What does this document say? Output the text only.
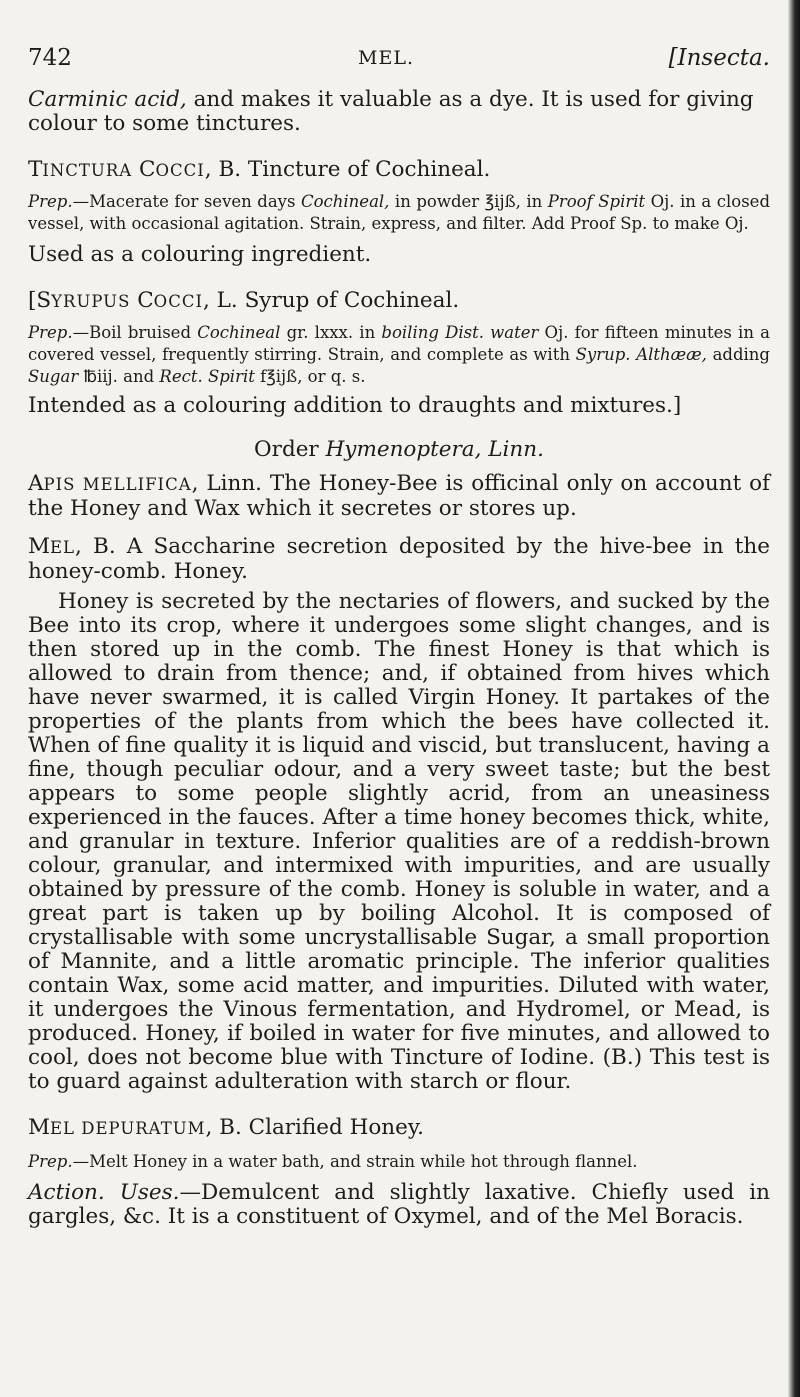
742	MEL.	[Insecta.

Carminic acid, and makes it valuable as a dye. It is used for giving colour to some tinctures.

TINCTURA COCCI, B. Tincture of Cochineal.

Prep.—Macerate for seven days Cochineal, in powder ℥ijß, in Proof Spirit Oj. in a closed vessel, with occasional agitation. Strain, express, and filter. Add Proof Sp. to make Oj.

Used as a colouring ingredient.

[SYRUPUS COCCI, L. Syrup of Cochineal.

Prep.—Boil bruised Cochineal gr. lxxx. in boiling Dist. water Oj. for fifteen minutes in a covered vessel, frequently stirring. Strain, and complete as with Syrup. Althææ, adding Sugar ℔iij. and Rect. Spirit f℥ijß, or q. s.

Intended as a colouring addition to draughts and mixtures.]

Order Hymenoptera, Linn.

APIS MELLIFICA, Linn. The Honey-Bee is officinal only on account of the Honey and Wax which it secretes or stores up.

MEL, B. A Saccharine secretion deposited by the hive-bee in the honey-comb. Honey.

Honey is secreted by the nectaries of flowers, and sucked by the Bee into its crop, where it undergoes some slight changes, and is then stored up in the comb. The finest Honey is that which is allowed to drain from thence; and, if obtained from hives which have never swarmed, it is called Virgin Honey. It partakes of the properties of the plants from which the bees have collected it. When of fine quality it is liquid and viscid, but translucent, having a fine, though peculiar odour, and a very sweet taste; but the best appears to some people slightly acrid, from an uneasiness experienced in the fauces. After a time honey becomes thick, white, and granular in texture. Inferior qualities are of a reddish-brown colour, granular, and intermixed with impurities, and are usually obtained by pressure of the comb. Honey is soluble in water, and a great part is taken up by boiling Alcohol. It is composed of crystallisable with some uncrystallisable Sugar, a small proportion of Mannite, and a little aromatic principle. The inferior qualities contain Wax, some acid matter, and impurities. Diluted with water, it undergoes the Vinous fermentation, and Hydromel, or Mead, is produced. Honey, if boiled in water for five minutes, and allowed to cool, does not become blue with Tincture of Iodine. (B.) This test is to guard against adulteration with starch or flour.

MEL DEPURATUM, B. Clarified Honey.

Prep.—Melt Honey in a water bath, and strain while hot through flannel.

Action. Uses.—Demulcent and slightly laxative. Chiefly used in gargles, &c. It is a constituent of Oxymel, and of the Mel Boracis.
